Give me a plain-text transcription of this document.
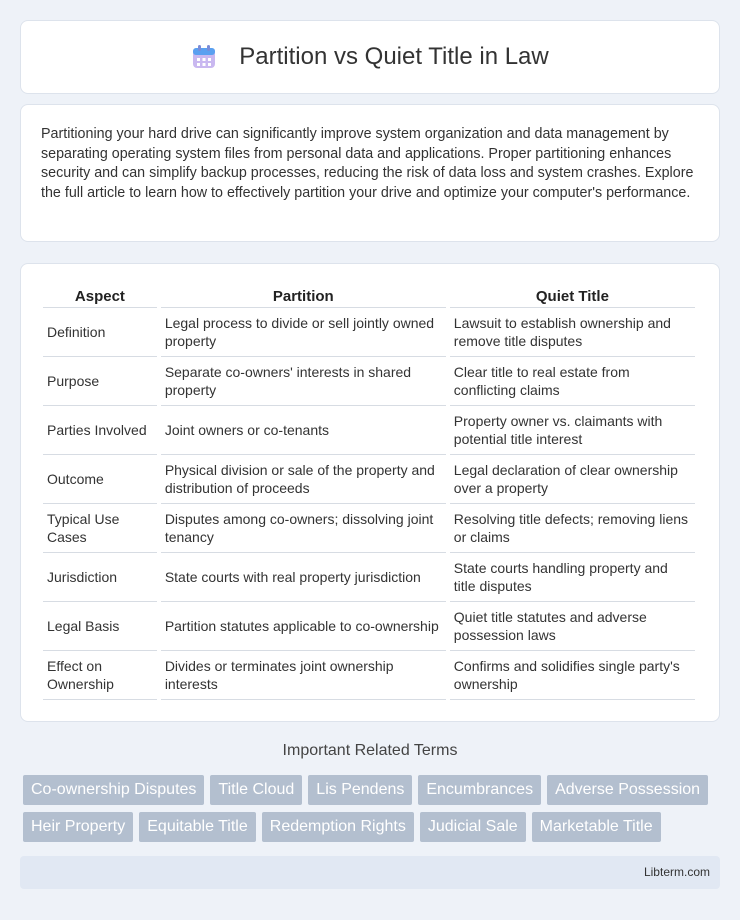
Partition vs Quiet Title in Law

Partitioning your hard drive can significantly improve system organization and data management by separating operating system files from personal data and applications. Proper partitioning enhances security and can simplify backup processes, reducing the risk of data loss and system crashes. Explore the full article to learn how to effectively partition your drive and optimize your computer's performance.

Aspect	Partition	Quiet Title
Definition	Legal process to divide or sell jointly owned property	Lawsuit to establish ownership and remove title disputes
Purpose	Separate co-owners' interests in shared property	Clear title to real estate from conflicting claims
Parties Involved	Joint owners or co-tenants	Property owner vs. claimants with potential title interest
Outcome	Physical division or sale of the property and distribution of proceeds	Legal declaration of clear ownership over a property
Typical Use Cases	Disputes among co-owners; dissolving joint tenancy	Resolving title defects; removing liens or claims
Jurisdiction	State courts with real property jurisdiction	State courts handling property and title disputes
Legal Basis	Partition statutes applicable to co-ownership	Quiet title statutes and adverse possession laws
Effect on Ownership	Divides or terminates joint ownership interests	Confirms and solidifies single party's ownership
Important Related Terms
Co-ownership Disputes	Title Cloud	Lis Pendens	Encumbrances	Adverse Possession
Heir Property	Equitable Title	Redemption Rights	Judicial Sale	Marketable Title
Libterm.com
